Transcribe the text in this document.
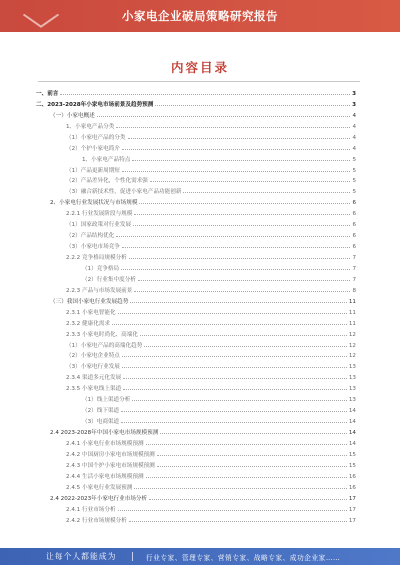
小家电企业破局策略研究报告
内容目录
一、前言	3
二、2023-2028年小家电市场前景及趋势预测	3
（一）小家电概述	4
1、小家电产品分类	4
（1）小家电产品的分类	4
（2）个护小家电简介	4
1、小家电产品特点	5
（1）产品更新周期短	5
（2）产品差异化，个性化需求强	5
（3）融合新技术性，促进小家电产品功能创新	5
2、小家电行业发展状况与市场规模	6
2.2.1 行业发展阶段与规模	6
（1）国家政策对行业发展	6
（2）产品结构优化	6
（3）小家电市场竞争	6
2.2.2 竞争格局规模分析	7
（1）竞争格局	7
（2）行业集中度分析	7
2.2.3 产品与市场发展前景	8
（三）我国小家电行业发展趋势	11
2.3.1 小家电智能化	11
2.3.2 健康化需求	11
2.3.3 小家电时尚化、高端化	12
（1）小家电产品的高端化趋势	12
（2）小家电企业特点	12
（3）小家电行业发展	13
2.3.4 渠道多元化发展	13
2.3.5 小家电线上渠道	13
（1）线上渠道分析	13
（2）线下渠道	14
（3）电商渠道	14
2.4 2023-2028年中国小家电市场规模预测	14
2.4.1 小家电行业市场规模预测	14
2.4.2 中国厨房小家电市场规模预测	15
2.4.3 中国个护小家电市场规模预测	15
2.4.4 生活小家电市场规模预测	16
2.4.5 小家电行业发展预测	16
2.4 2022-2023年小家电行业市场分析	17
2.4.1 行业市场分析	17
2.4.2 行业市场规模分析	17
让每个人都能成为	行业专家、管理专家、营销专家、战略专家、成功企业家……
